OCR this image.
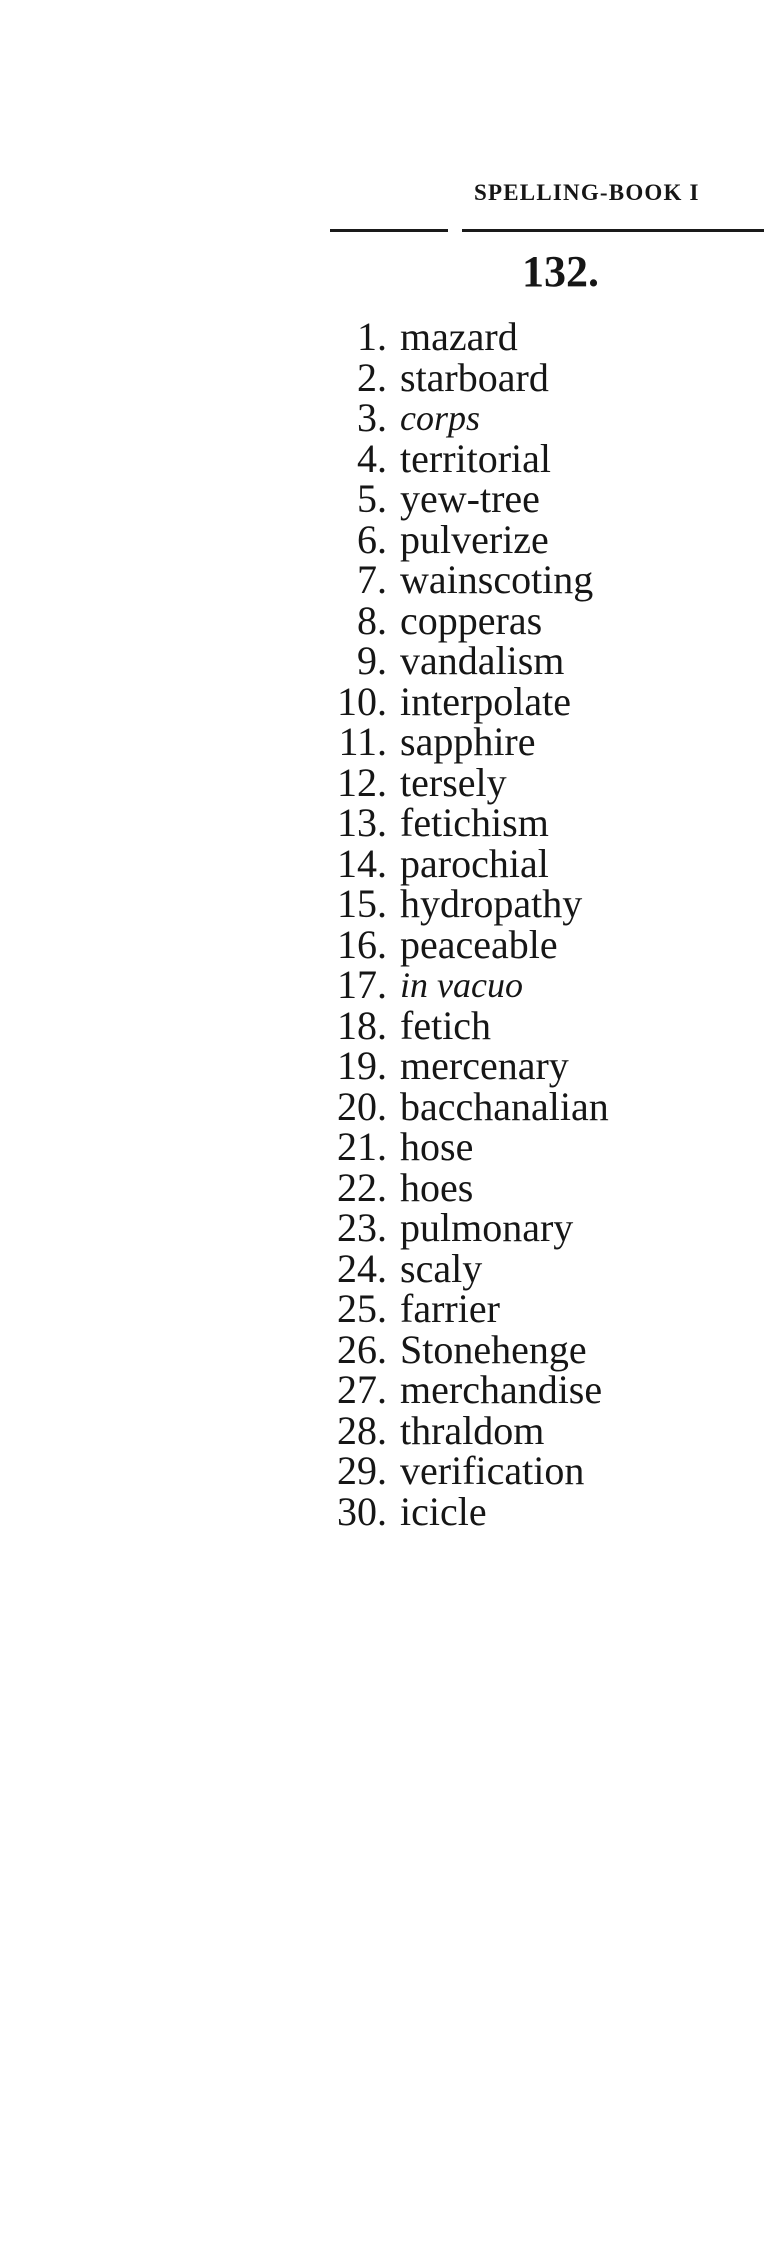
SPELLING-BOOK I
132.
1. mazard
2. starboard
3. corps
4. territorial
5. yew-tree
6. pulverize
7. wainscoting
8. copperas
9. vandalism
10. interpolate
11. sapphire
12. tersely
13. fetichism
14. parochial
15. hydropathy
16. peaceable
17. in vacuo
18. fetich
19. mercenary
20. bacchanalian
21. hose
22. hoes
23. pulmonary
24. scaly
25. farrier
26. Stonehenge
27. merchandise
28. thraldom
29. verification
30. icicle
